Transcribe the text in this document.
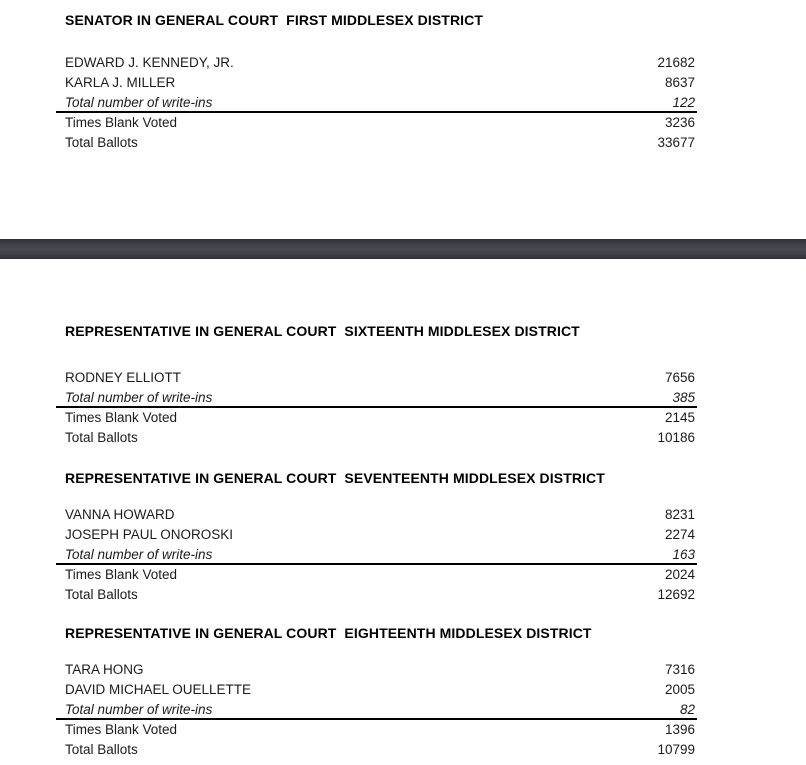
SENATOR IN GENERAL COURT  FIRST MIDDLESEX DISTRICT
EDWARD J. KENNEDY, JR.	21682
KARLA J. MILLER	8637
Total number of write-ins	122
Times Blank Voted	3236
Total Ballots	33677
REPRESENTATIVE IN GENERAL COURT  SIXTEENTH MIDDLESEX DISTRICT
RODNEY ELLIOTT	7656
Total number of write-ins	385
Times Blank Voted	2145
Total Ballots	10186
REPRESENTATIVE IN GENERAL COURT  SEVENTEENTH MIDDLESEX DISTRICT
VANNA HOWARD	8231
JOSEPH PAUL ONOROSKI	2274
Total number of write-ins	163
Times Blank Voted	2024
Total Ballots	12692
REPRESENTATIVE IN GENERAL COURT  EIGHTEENTH MIDDLESEX DISTRICT
TARA HONG	7316
DAVID MICHAEL OUELLETTE	2005
Total number of write-ins	82
Times Blank Voted	1396
Total Ballots	10799
